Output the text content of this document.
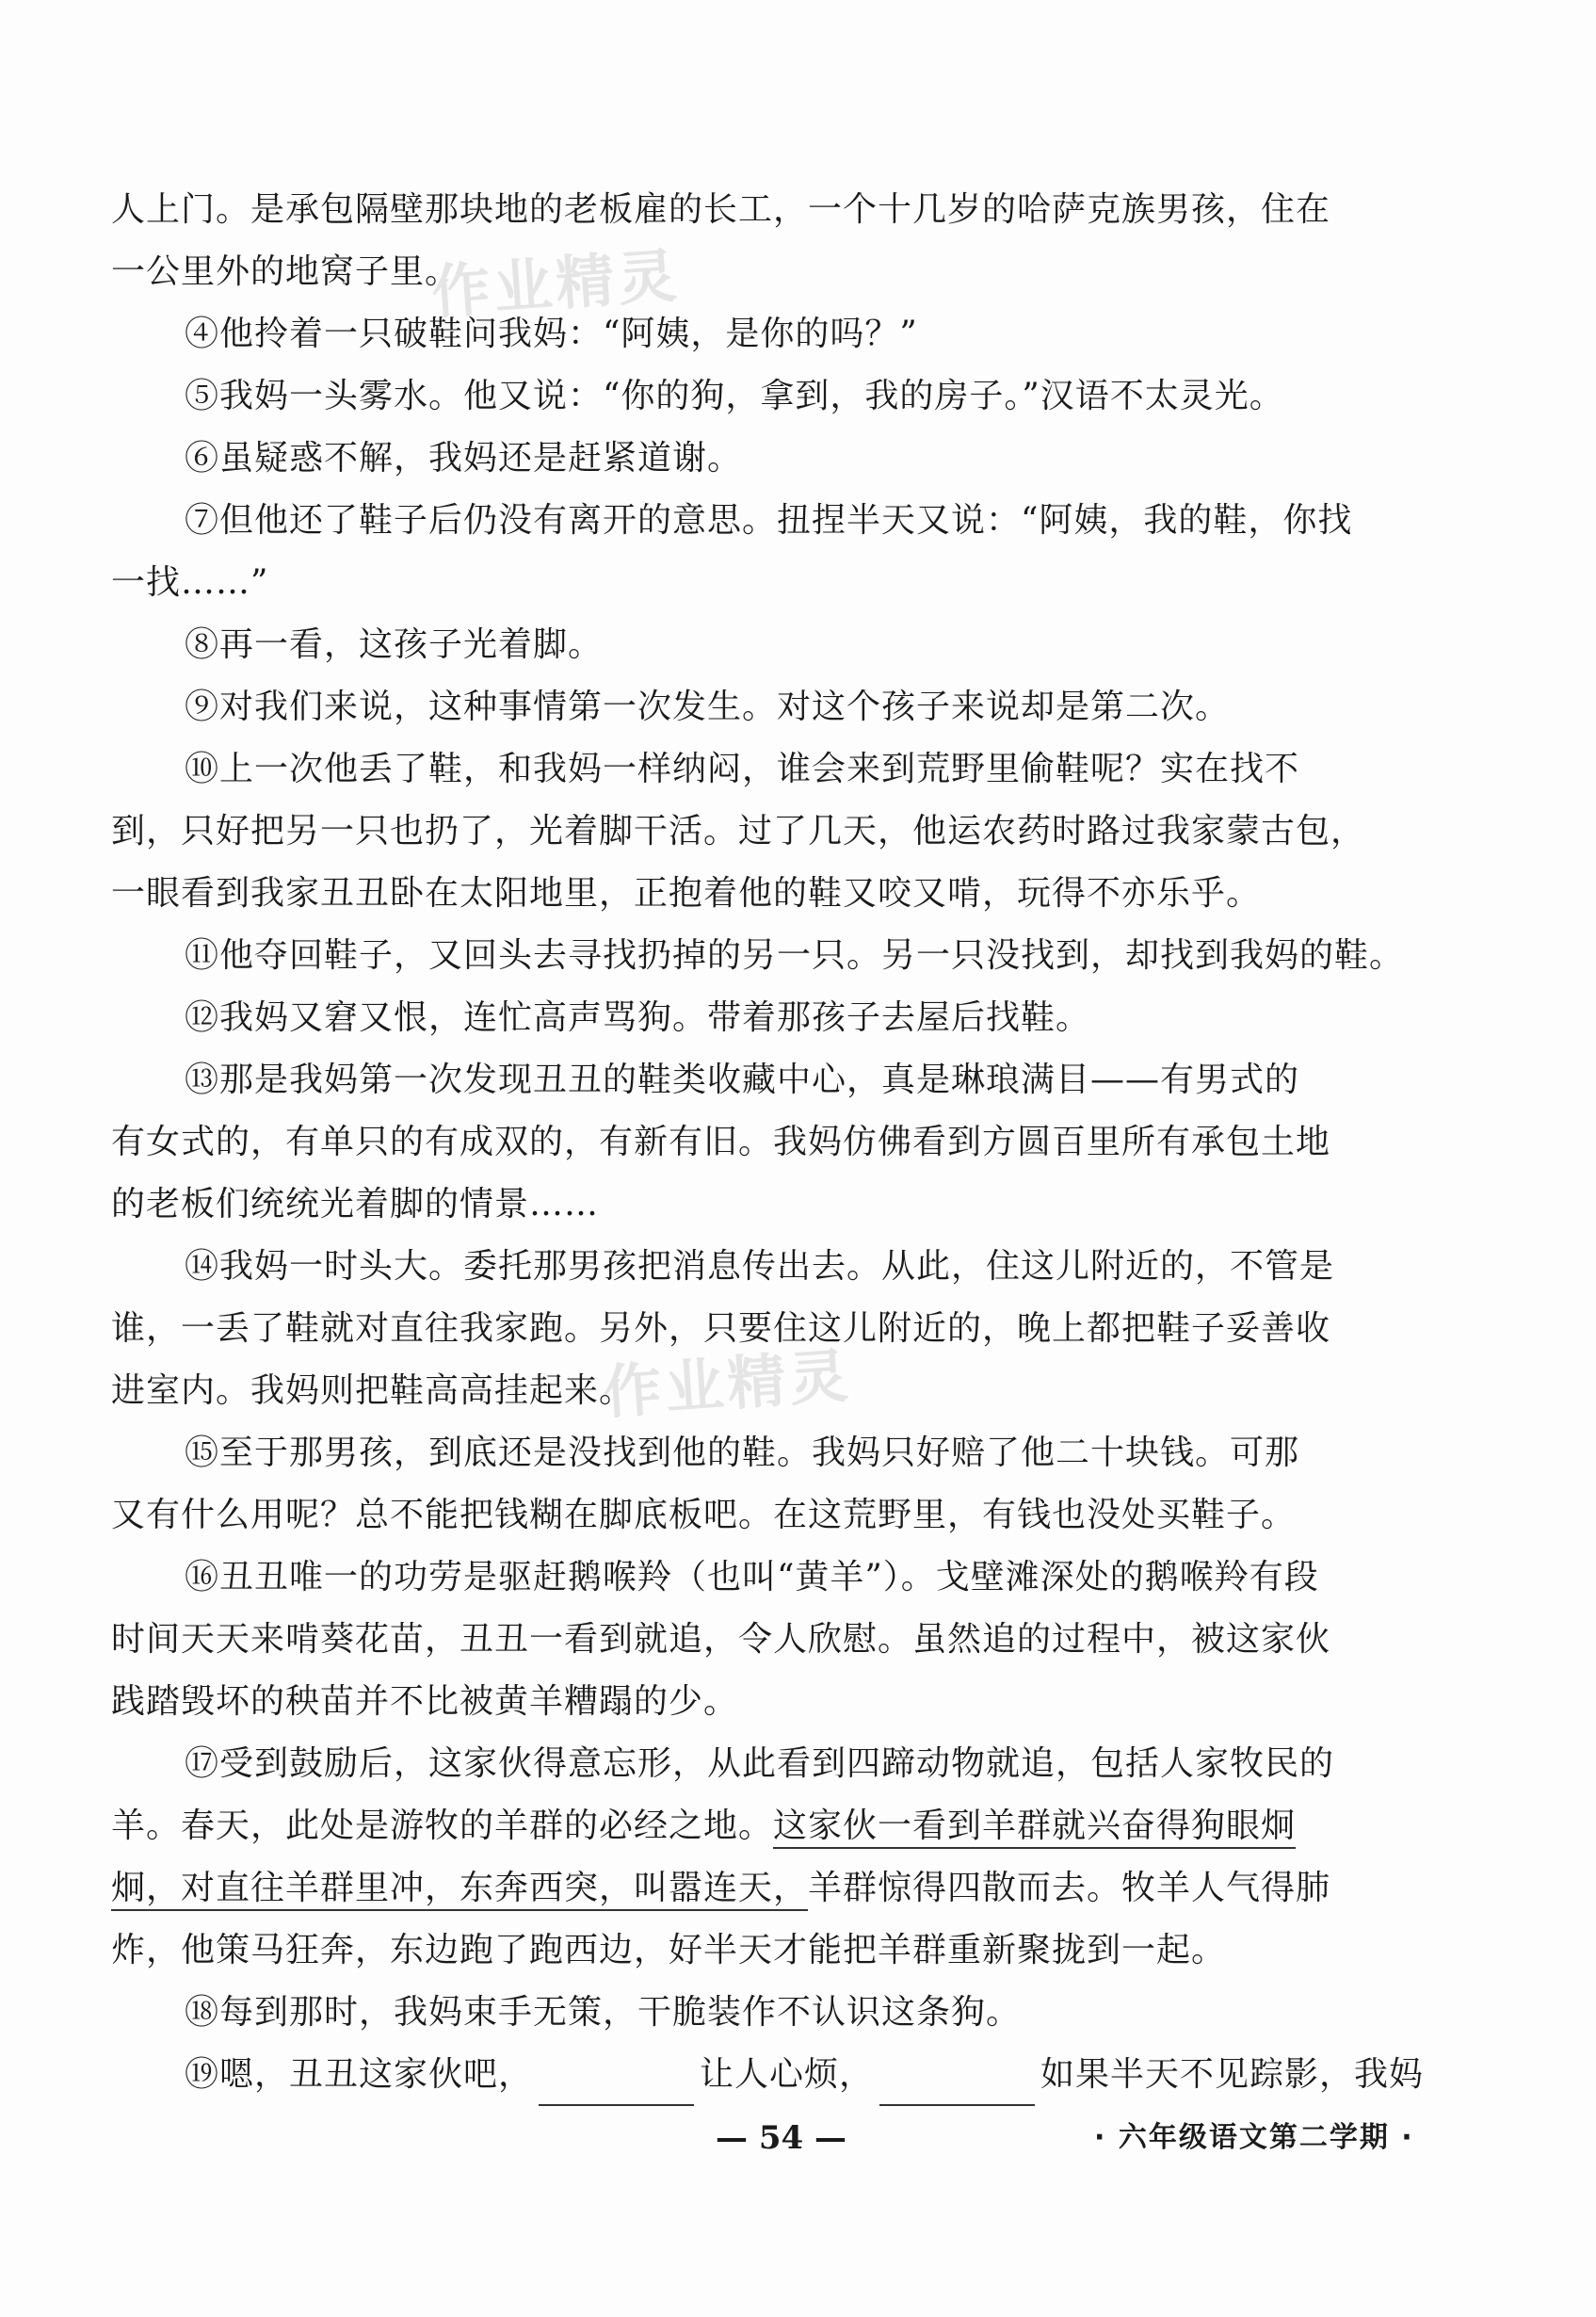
作业精灵
作业精灵
人上门。是承包隔壁那块地的老板雇的长工，一个十几岁的哈萨克族男孩，住在
一公里外的地窝子里。
④他拎着一只破鞋问我妈：“阿姨，是你的吗？”
⑤我妈一头雾水。他又说：“你的狗，拿到，我的房子。”汉语不太灵光。
⑥虽疑惑不解，我妈还是赶紧道谢。
⑦但他还了鞋子后仍没有离开的意思。扭捏半天又说：“阿姨，我的鞋，你找
一找……”
⑧再一看，这孩子光着脚。
⑨对我们来说，这种事情第一次发生。对这个孩子来说却是第二次。
⑩上一次他丢了鞋，和我妈一样纳闷，谁会来到荒野里偷鞋呢？实在找不
到，只好把另一只也扔了，光着脚干活。过了几天，他运农药时路过我家蒙古包，
一眼看到我家丑丑卧在太阳地里，正抱着他的鞋又咬又啃，玩得不亦乐乎。
⑪他夺回鞋子，又回头去寻找扔掉的另一只。另一只没找到，却找到我妈的鞋。
⑫我妈又窘又恨，连忙高声骂狗。带着那孩子去屋后找鞋。
⑬那是我妈第一次发现丑丑的鞋类收藏中心，真是琳琅满目——有男式的
有女式的，有单只的有成双的，有新有旧。我妈仿佛看到方圆百里所有承包土地
的老板们统统光着脚的情景……
⑭我妈一时头大。委托那男孩把消息传出去。从此，住这儿附近的，不管是
谁，一丢了鞋就对直往我家跑。另外，只要住这儿附近的，晚上都把鞋子妥善收
进室内。我妈则把鞋高高挂起来。
⑮至于那男孩，到底还是没找到他的鞋。我妈只好赔了他二十块钱。可那
又有什么用呢？总不能把钱糊在脚底板吧。在这荒野里，有钱也没处买鞋子。
⑯丑丑唯一的功劳是驱赶鹅喉羚（也叫“黄羊”）。戈壁滩深处的鹅喉羚有段
时间天天来啃葵花苗，丑丑一看到就追，令人欣慰。虽然追的过程中，被这家伙
践踏毁坏的秧苗并不比被黄羊糟蹋的少。
⑰受到鼓励后，这家伙得意忘形，从此看到四蹄动物就追，包括人家牧民的
羊。春天，此处是游牧的羊群的必经之地。这家伙一看到羊群就兴奋得狗眼炯
炯，对直往羊群里冲，东奔西突，叫嚣连天，羊群惊得四散而去。牧羊人气得肺
炸，他策马狂奔，东边跑了跑西边，好半天才能把羊群重新聚拢到一起。
⑱每到那时，我妈束手无策，干脆装作不认识这条狗。
⑲嗯，丑丑这家伙吧，	让人心烦，	如果半天不见踪影，我妈
— 54 —	· 六年级语文第二学期 ·
